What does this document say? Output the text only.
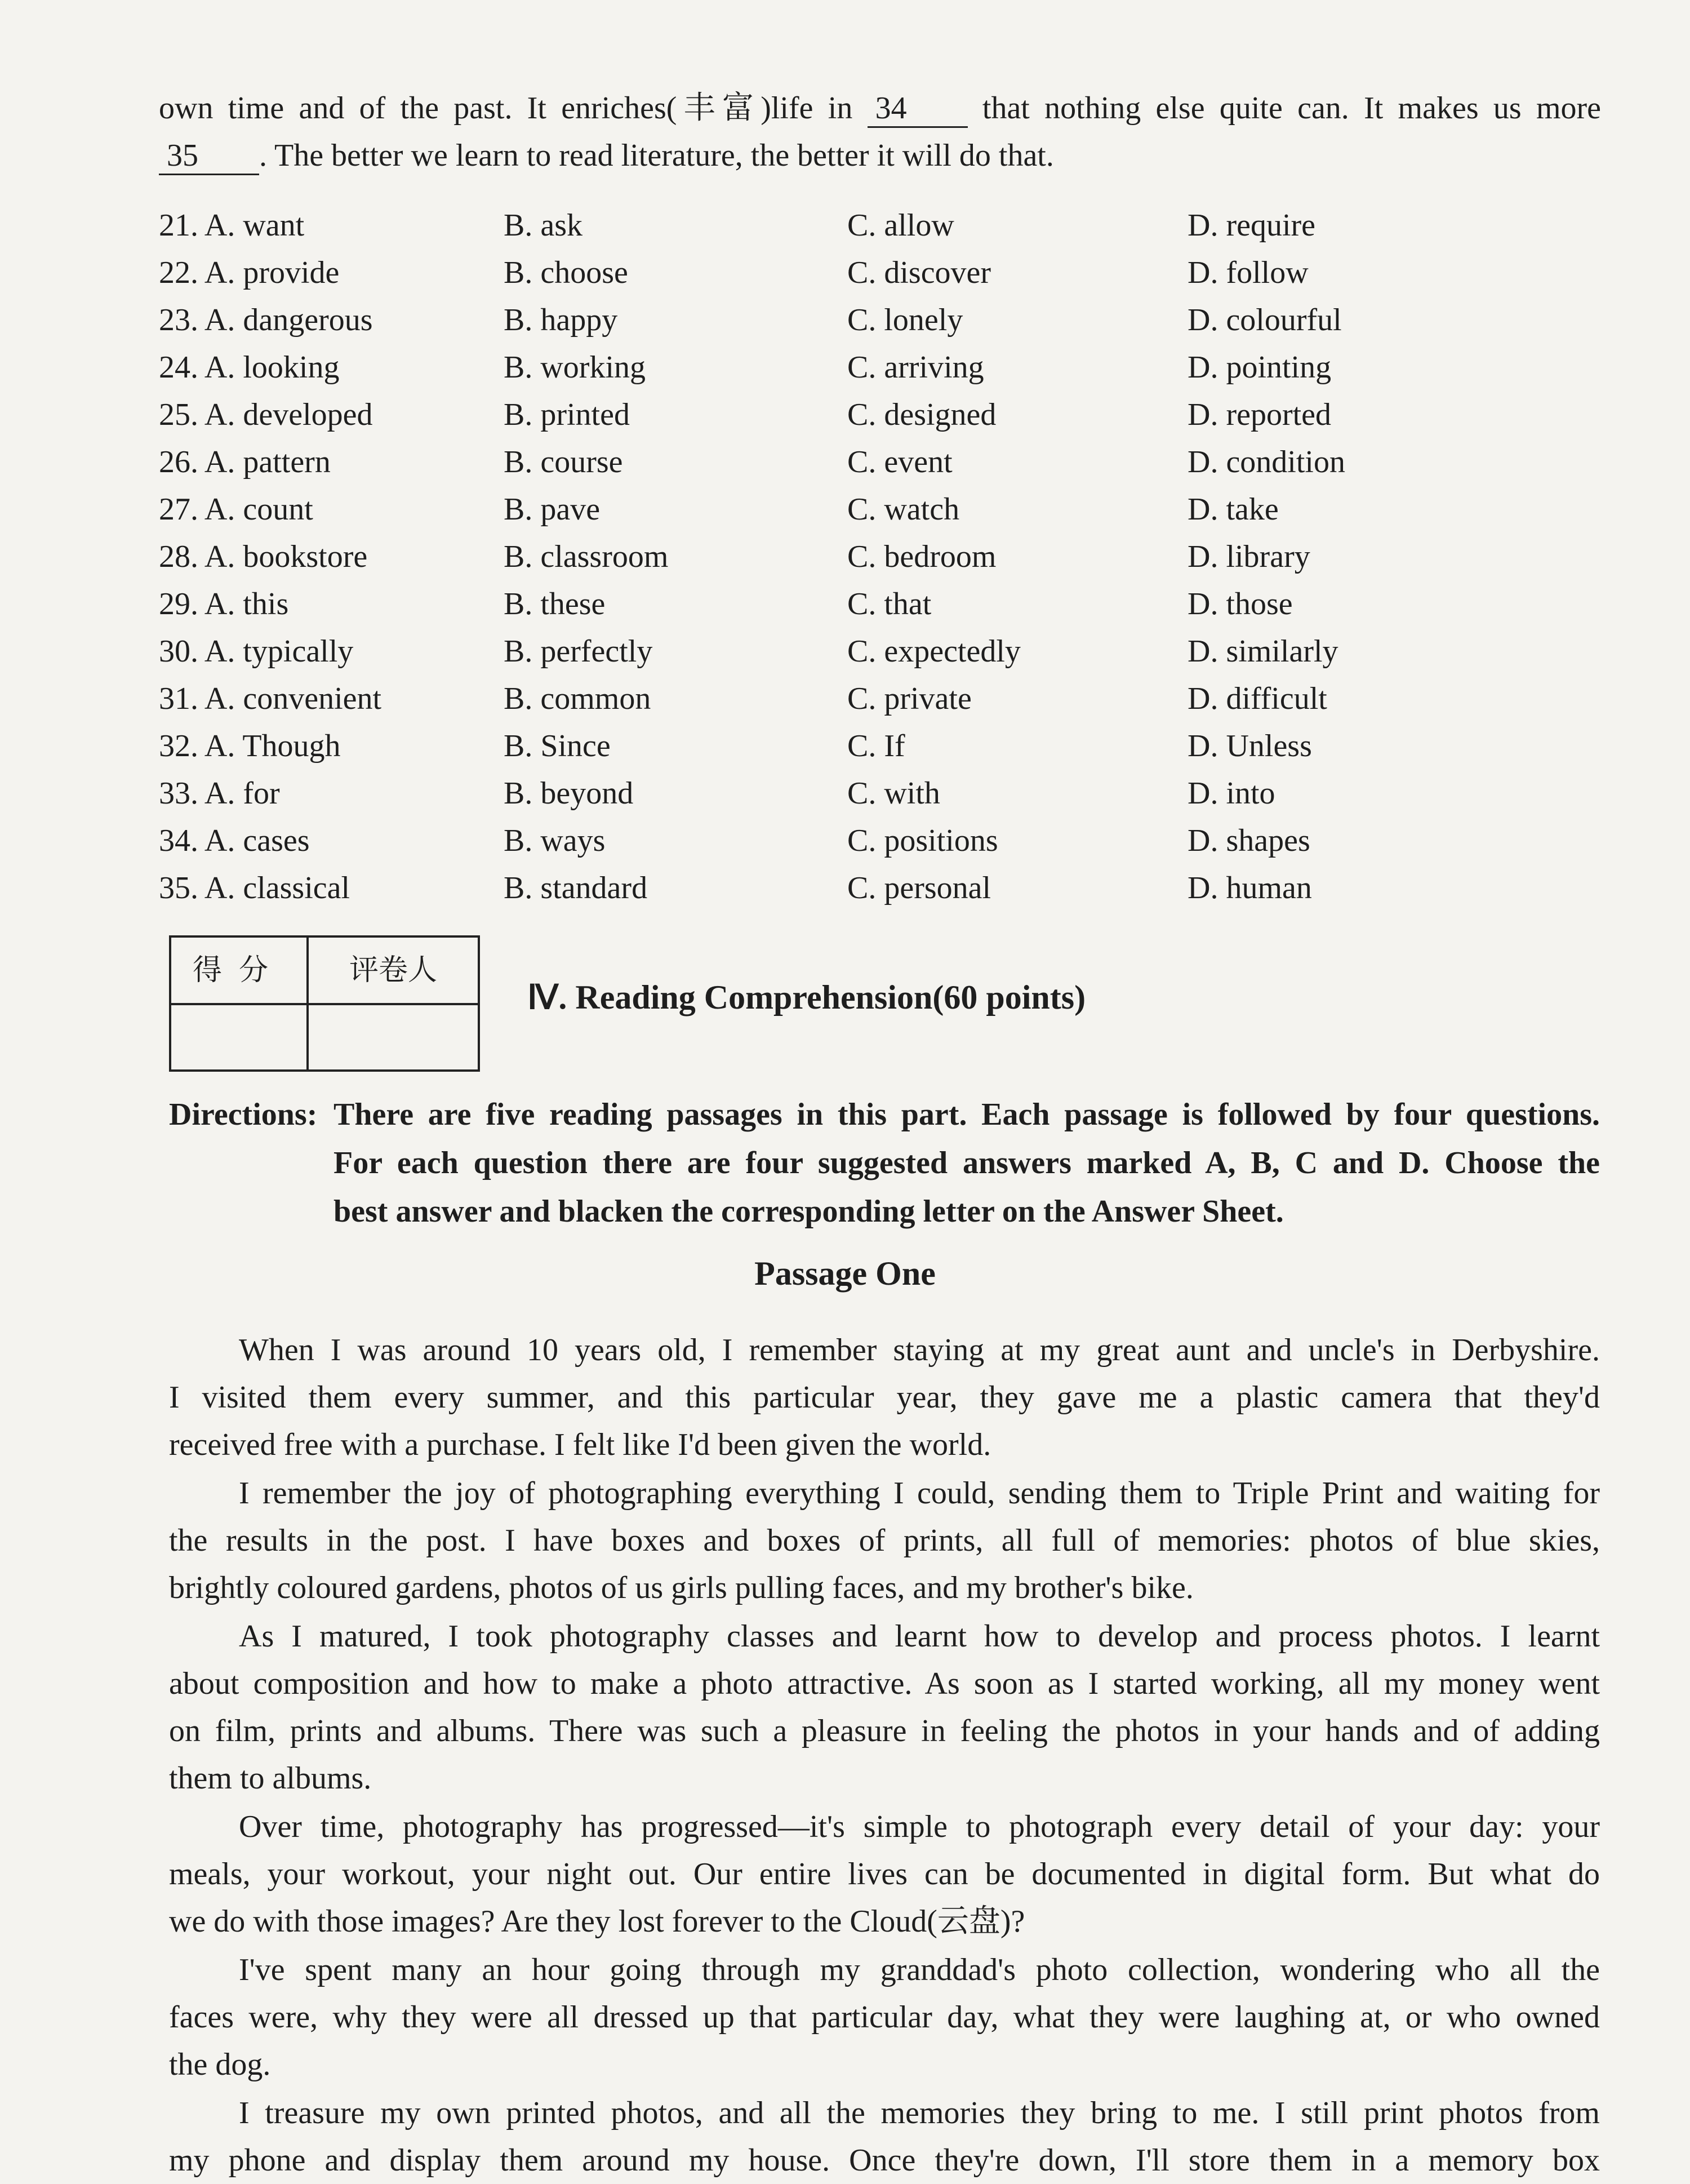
own time and of the past. It enriches(丰富)life in 34 that nothing else quite can. It makes us more

35 . The better we learn to read literature, the better it will do that.

21. A. want	B. ask	C. allow	D. require
22. A. provide	B. choose	C. discover	D. follow
23. A. dangerous	B. happy	C. lonely	D. colourful
24. A. looking	B. working	C. arriving	D. pointing
25. A. developed	B. printed	C. designed	D. reported
26. A. pattern	B. course	C. event	D. condition
27. A. count	B. pave	C. watch	D. take
28. A. bookstore	B. classroom	C. bedroom	D. library
29. A. this	B. these	C. that	D. those
30. A. typically	B. perfectly	C. expectedly	D. similarly
31. A. convenient	B. common	C. private	D. difficult
32. A. Though	B. Since	C. If	D. Unless
33. A. for	B. beyond	C. with	D. into
34. A. cases	B. ways	C. positions	D. shapes
35. A. classical	B. standard	C. personal	D. human
得分	评卷人
Ⅳ. Reading Comprehension(60 points)
Directions: There are five reading passages in this part. Each passage is followed by four questions.
For each question there are four suggested answers marked A, B, C and D. Choose the
best answer and blacken the corresponding letter on the Answer Sheet.
Passage One
When I was around 10 years old, I remember staying at my great aunt and uncle's in Derbyshire.
I visited them every summer, and this particular year, they gave me a plastic camera that they'd
received free with a purchase. I felt like I'd been given the world.
I remember the joy of photographing everything I could, sending them to Triple Print and waiting for
the results in the post. I have boxes and boxes of prints, all full of memories: photos of blue skies,
brightly coloured gardens, photos of us girls pulling faces, and my brother's bike.
As I matured, I took photography classes and learnt how to develop and process photos. I learnt
about composition and how to make a photo attractive. As soon as I started working, all my money went
on film, prints and albums. There was such a pleasure in feeling the photos in your hands and of adding
them to albums.
Over time, photography has progressed—it's simple to photograph every detail of your day: your
meals, your workout, your night out. Our entire lives can be documented in digital form. But what do
we do with those images? Are they lost forever to the Cloud(云盘)?
I've spent many an hour going through my granddad's photo collection, wondering who all the
faces were, why they were all dressed up that particular day, what they were laughing at, or who owned
the dog.
I treasure my own printed photos, and all the memories they bring to me. I still print photos from
my phone and display them around my house. Once they're down, I'll store them in a memory box
